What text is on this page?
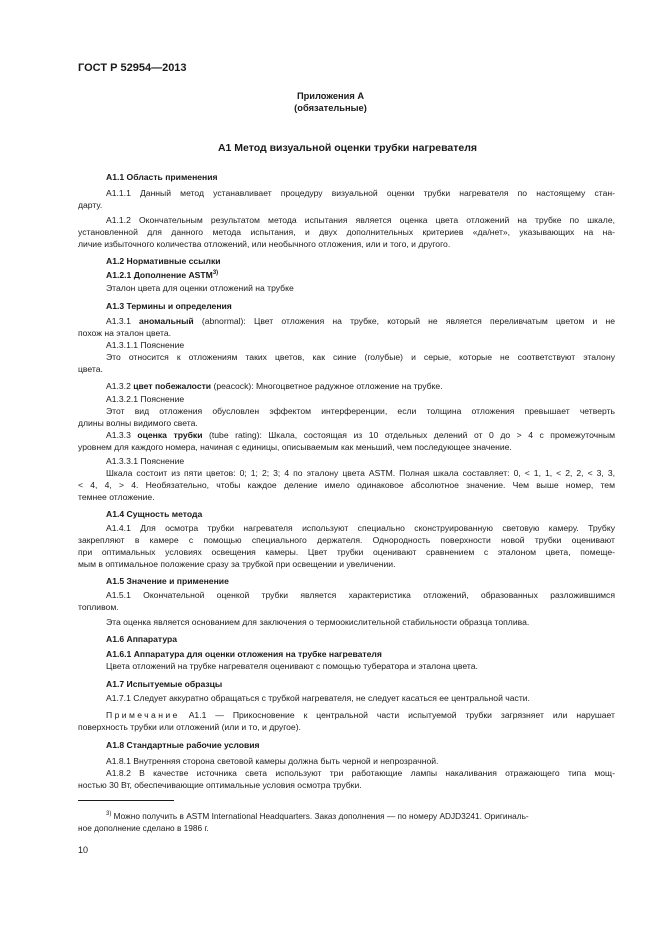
ГОСТ Р 52954—2013
Приложения А
(обязательные)
А1 Метод визуальной оценки трубки нагревателя
А1.1 Область применения
А1.1.1 Данный метод устанавливает процедуру визуальной оценки трубки нагревателя по настоящему стан-
дарту.
А1.1.2 Окончательным результатом метода испытания является оценка цвета отложений на трубке по шкале,
установленной для данного метода испытания, и двух дополнительных критериев «да/нет», указывающих на на-
личие избыточного количества отложений, или необычного отложения, или и того, и другого.
А1.2 Нормативные ссылки
А1.2.1 Дополнение ASTM$^{3)}$
Эталон цвета для оценки отложений на трубке
А1.3 Термины и определения
А1.3.1 аномальный (abnormal): Цвет отложения на трубке, который не является переливчатым цветом и не
похож на эталон цвета.
А1.3.1.1 Пояснение
Это относится к отложениям таких цветов, как синие (голубые) и серые, которые не соответствуют эталону
цвета.
А1.3.2 цвет побежалости (peacock): Многоцветное радужное отложение на трубке.
А1.3.2.1 Пояснение
Этот вид отложения обусловлен эффектом интерференции, если толщина отложения превышает четверть
длины волны видимого света.
А1.3.3 оценка трубки (tube rating): Шкала, состоящая из 10 отдельных делений от 0 до > 4 с промежуточным
уровнем для каждого номера, начиная с единицы, описываемым как меньший, чем последующее значение.
А1.3.3.1 Пояснение
Шкала состоит из пяти цветов: 0; 1; 2; 3; 4 по эталону цвета ASTM. Полная шкала составляет: 0, < 1, 1, < 2, 2, < 3, 3,
< 4, 4, > 4. Необязательно, чтобы каждое деление имело одинаковое абсолютное значение. Чем выше номер, тем
темнее отложение.
А1.4 Сущность метода
А1.4.1 Для осмотра трубки нагревателя используют специально сконструированную световую камеру. Трубку
закрепляют в камере с помощью специального держателя. Однородность поверхности новой трубки оценивают
при оптимальных условиях освещения камеры. Цвет трубки оценивают сравнением с эталоном цвета, помеще-
мым в оптимальное положение сразу за трубкой при освещении и увеличении.
А1.5 Значение и применение
А1.5.1 Окончательной оценкой трубки является характеристика отложений, образованных разложившимся
топливом.
Эта оценка является основанием для заключения о термоокислительной стабильности образца топлива.
А1.6 Аппаратура
А1.6.1 Аппаратура для оценки отложения на трубке нагревателя
Цвета отложений на трубке нагревателя оценивают с помощью тубератора и эталона цвета.
А1.7 Испытуемые образцы
А1.7.1 Следует аккуратно обращаться с трубкой нагревателя, не следует касаться ее центральной части.
Примечание А1.1 — Прикосновение к центральной части испытуемой трубки загрязняет или нарушает
поверхность трубки или отложений (или и то, и другое).
А1.8 Стандартные рабочие условия
А1.8.1 Внутренняя сторона световой камеры должна быть черной и непрозрачной.
А1.8.2 В качестве источника света используют три работающие лампы накаливания отражающего типа мощ-
ностью 30 Вт, обеспечивающие оптимальные условия осмотра трубки.
$^{3)}$ Можно получить в ASTM International Headquarters. Заказ дополнения — по номеру ADJD3241. Оригиналь-
ное дополнение сделано в 1986 г.
10
